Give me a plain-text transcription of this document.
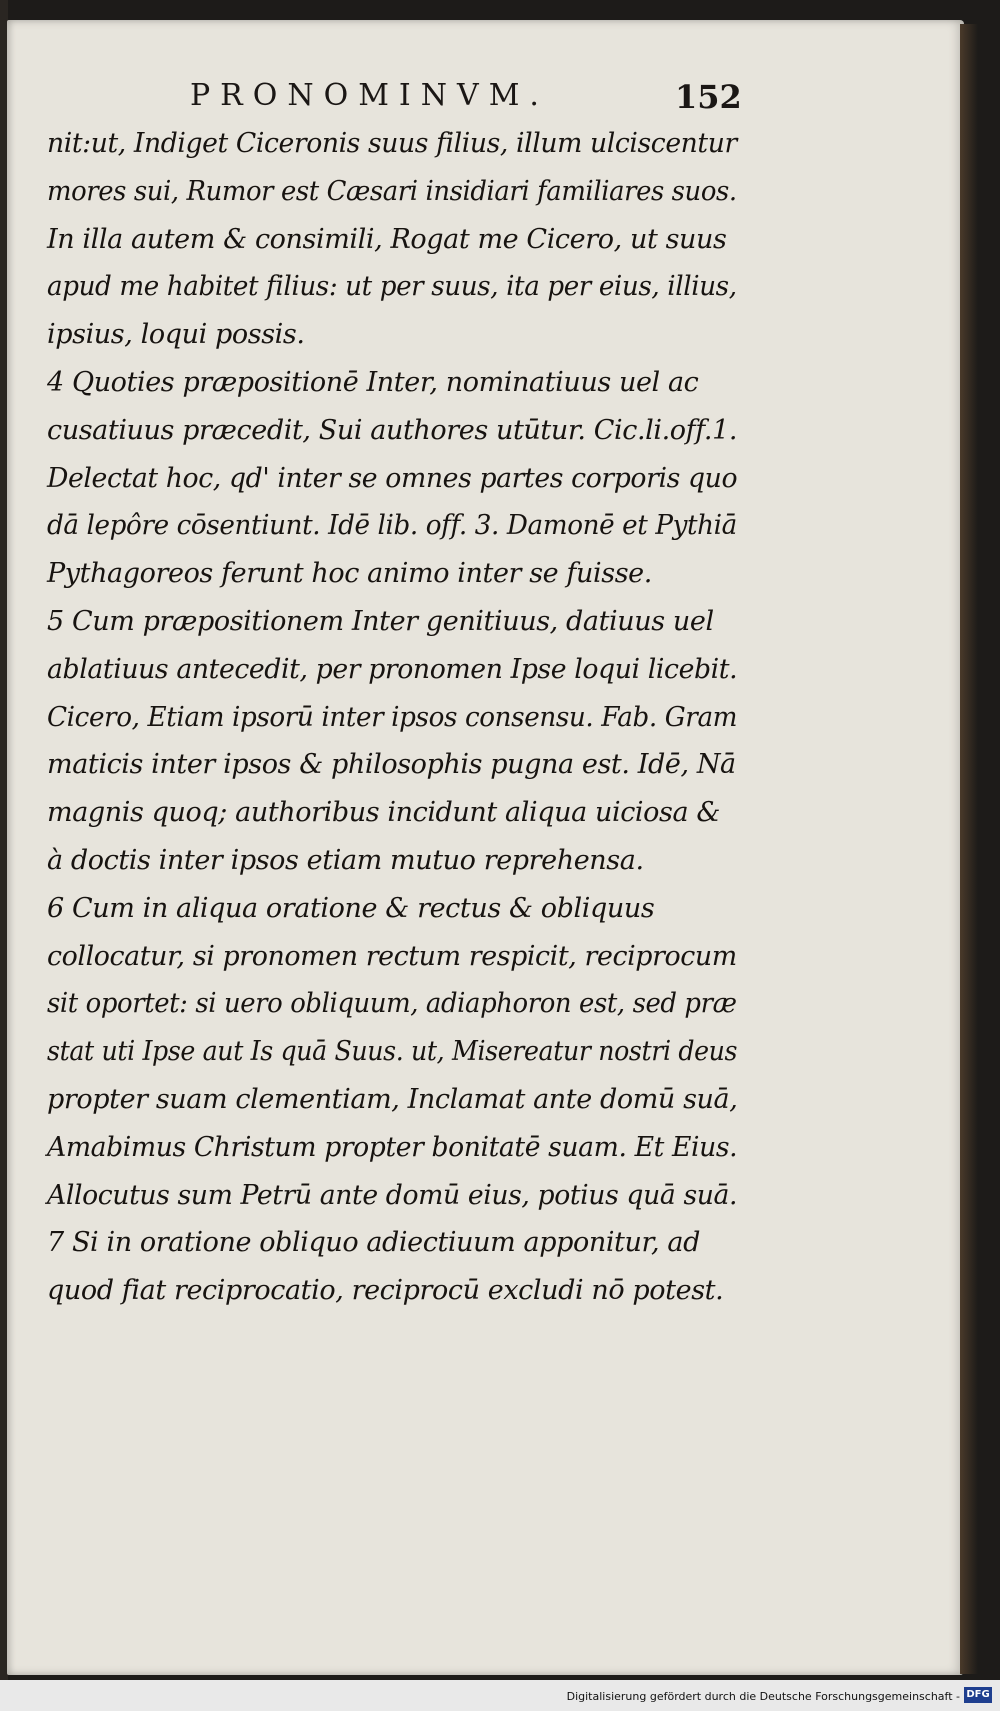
PRONOMINVM.	152
nit:ut, Indiget Ciceronis suus filius, illum ulciscentur
mores sui, Rumor est Cæsari insidiari familiares suos.
In illa autem & consimili, Rogat me Cicero, ut suus
apud me habitet filius: ut per suus, ita per eius, illius,
ipsius, loqui possis.
4 Quoties præpositionē Inter, nominatiuus uel ac
cusatiuus præcedit, Sui authores utūtur. Cic.li.off.1.
Delectat hoc, qd' inter se omnes partes corporis quo
dā lepôre cōsentiunt. Idē lib. off. 3. Damonē et Pythiā
Pythagoreos ferunt hoc animo inter se fuisse.
5 Cum præpositionem Inter genitiuus, datiuus uel
ablatiuus antecedit, per pronomen Ipse loqui licebit.
Cicero, Etiam ipsorū inter ipsos consensu. Fab. Gram
maticis inter ipsos & philosophis pugna est. Idē, Nā
magnis quoq; authoribus incidunt aliqua uiciosa &
à doctis inter ipsos etiam mutuo reprehensa.
6 Cum in aliqua oratione & rectus & obliquus
collocatur, si pronomen rectum respicit, reciprocum
sit oportet: si uero obliquum, adiaphoron est, sed præ
stat uti Ipse aut Is quā Suus. ut, Misereatur nostri deus
propter suam clementiam, Inclamat ante domū suā,
Amabimus Christum propter bonitatē suam. Et Eius.
Allocutus sum Petrū ante domū eius, potius quā suā.
7 Si in oratione obliquo adiectiuum apponitur, ad
quod fiat reciprocatio, reciprocū excludi nō potest.
Digitalisierung gefördert durch die Deutsche Forschungsgemeinschaft - DFG
